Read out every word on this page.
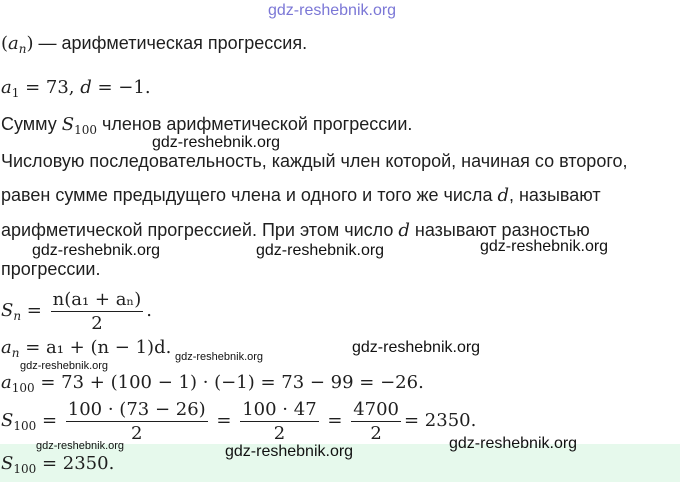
gdz-reshebnik.org
$(a_n)$ — арифметическая прогрессия.
$a_1 = 73$, d = −1.
Сумму $S_{100}$ членов арифметической прогрессии.
Числовую последовательность, каждый член которой, начиная со второго,
равен сумме предыдущего члена и одного и того же числа d, называют
арифметической прогрессией. При этом число d называют разностью
прогрессии.
$S_n = \frac{\text{n(a₁ + aₙ)}}{2}$ .
$a_n = a_1 + (n - 1)d$.
$a_{100} = 73 + (100 - 1) \cdot (-1) = 73 - 99 = -26$.
$S_{100} = \frac{100 \cdot (73 - 26)}{2} = \frac{100 \cdot 47}{2} = \frac{4700}{2} = 2350$.
$S_{100} = 2350$.
gdz-reshebnik.org
gdz-reshebnik.org	gdz-reshebnik.org	gdz-reshebnik.org
gdz-reshebnik.org
gdz-reshebnik.org
gdz-reshebnik.org
gdz-reshebnik.org	gdz-reshebnik.org	gdz-reshebnik.org
